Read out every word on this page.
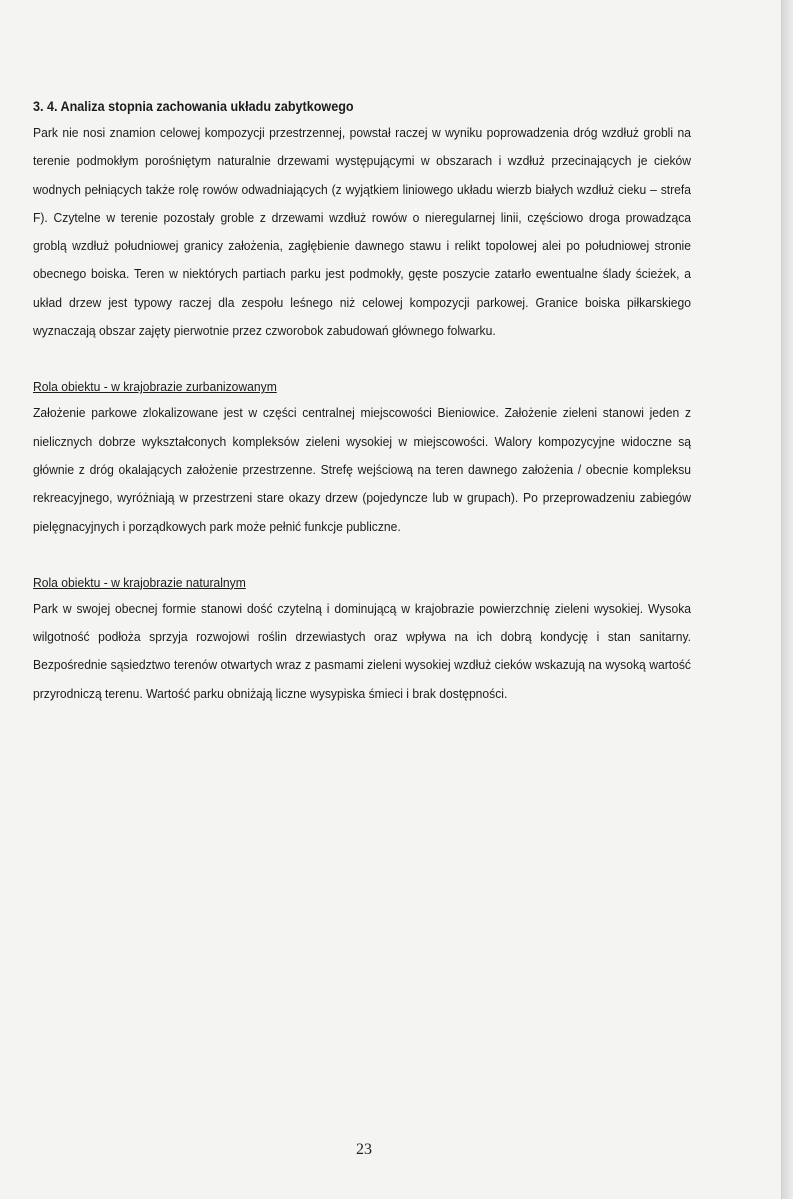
3. 4. Analiza stopnia zachowania układu zabytkowego

Park nie nosi znamion celowej kompozycji przestrzennej, powstał raczej w wyniku poprowadzenia dróg wzdłuż grobli na terenie podmokłym porośniętym naturalnie drzewami występującymi w obszarach i wzdłuż przecinających je cieków wodnych pełniących także rolę rowów odwadniających (z wyjątkiem liniowego układu wierzb białych wzdłuż cieku – strefa F). Czytelne w terenie pozostały groble z drzewami wzdłuż rowów o nieregularnej linii, częściowo droga prowadząca groblą wzdłuż południowej granicy założenia, zagłębienie dawnego stawu i relikt topolowej alei po południowej stronie obecnego boiska. Teren w niektórych partiach parku jest podmokły, gęste poszycie zatarło ewentualne ślady ścieżek, a układ drzew jest typowy raczej dla zespołu leśnego niż celowej kompozycji parkowej. Granice boiska piłkarskiego wyznaczają obszar zajęty pierwotnie przez czworobok zabudowań głównego folwarku.

Rola obiektu - w krajobrazie zurbanizowanym

Założenie parkowe zlokalizowane jest w części centralnej miejscowości Bieniowice. Założenie zieleni stanowi jeden z nielicznych dobrze wykształconych kompleksów zieleni wysokiej w miejscowości. Walory kompozycyjne widoczne są głównie z dróg okalających założenie przestrzenne. Strefę wejściową na teren dawnego założenia / obecnie kompleksu rekreacyjnego, wyróżniają w przestrzeni stare okazy drzew (pojedyncze lub w grupach). Po przeprowadzeniu zabiegów pielęgnacyjnych i porządkowych park może pełnić funkcje publiczne.

Rola obiektu - w krajobrazie naturalnym

Park w swojej obecnej formie stanowi dość czytelną i dominującą w krajobrazie powierzchnię zieleni wysokiej. Wysoka wilgotność podłoża sprzyja rozwojowi roślin drzewiastych oraz wpływa na ich dobrą kondycję i stan sanitarny. Bezpośrednie sąsiedztwo terenów otwartych wraz z pasmami zieleni wysokiej wzdłuż cieków wskazują na wysoką wartość przyrodniczą terenu. Wartość parku obniżają liczne wysypiska śmieci i brak dostępności.

23
